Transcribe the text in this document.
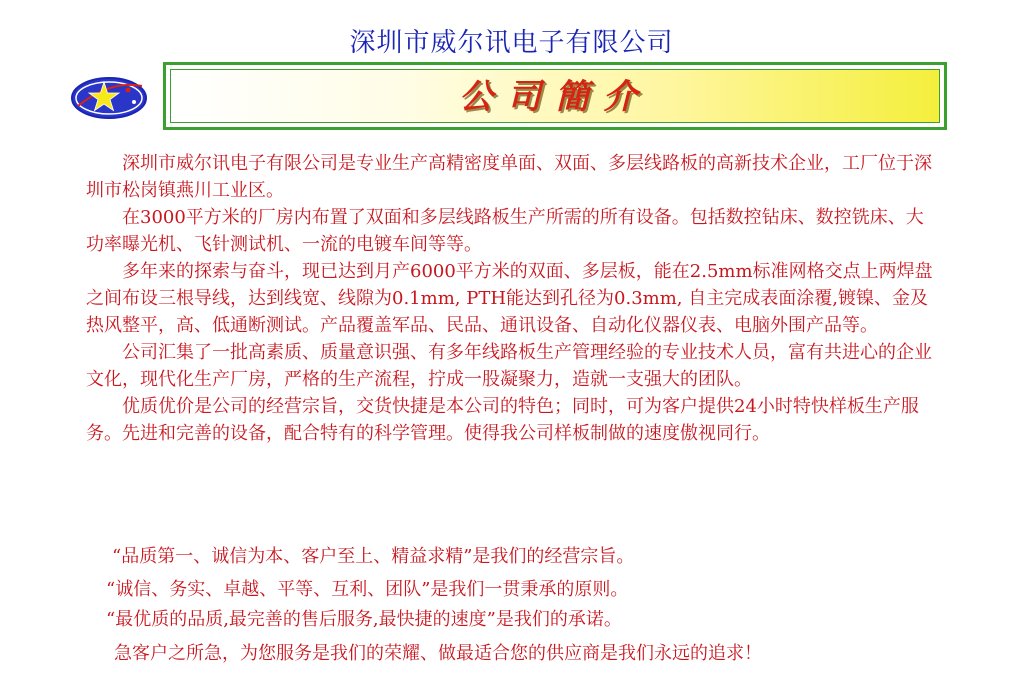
深圳市威尔讯电子有限公司
公司簡介

深圳市威尔讯电子有限公司是专业生产高精密度单面、双面、多层线路板的高新技术企业，工厂位于深圳市松岗镇燕川工业区。

在3000平方米的厂房内布置了双面和多层线路板生产所需的所有设备。包括数控钻床、数控铣床、大功率曝光机、飞针测试机、一流的电镀车间等等。

多年来的探索与奋斗，现已达到月产6000平方米的双面、多层板，能在2.5mm标准网格交点上两焊盘之间布设三根导线，达到线宽、线隙为0.1mm, PTH能达到孔径为0.3mm, 自主完成表面涂覆,镀镍、金及热风整平，高、低通断测试。产品覆盖军品、民品、通讯设备、自动化仪器仪表、电脑外围产品等。

公司汇集了一批高素质、质量意识强、有多年线路板生产管理经验的专业技术人员，富有共进心的企业文化，现代化生产厂房，严格的生产流程，拧成一股凝聚力，造就一支强大的团队。

优质优价是公司的经营宗旨，交货快捷是本公司的特色；同时，可为客户提供24小时特快样板生产服务。先进和完善的设备，配合特有的科学管理。使得我公司样板制做的速度傲视同行。

“品质第一、诚信为本、客户至上、精益求精”是我们的经营宗旨。
“诚信、务实、卓越、平等、互利、团队”是我们一贯秉承的原则。
“最优质的品质,最完善的售后服务,最快捷的速度”是我们的承诺。
急客户之所急，为您服务是我们的荣耀、做最适合您的供应商是我们永远的追求！
